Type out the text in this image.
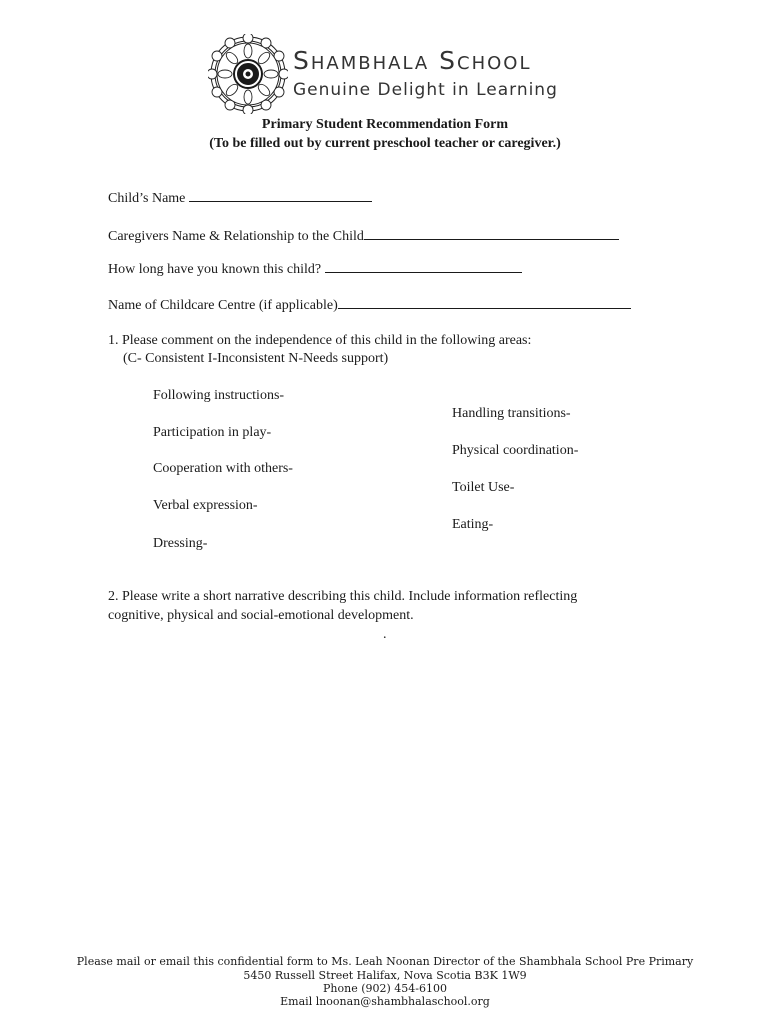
Shambhala School
Genuine Delight in Learning
Primary Student Recommendation Form
(To be filled out by current preschool teacher or caregiver.)
Child’s Name
Caregivers Name & Relationship to the Child
How long have you known this child?
Name of Childcare Centre (if applicable)
1. Please comment on the independence of this child in the following areas:
(C- Consistent I-Inconsistent N-Needs support)
Following instructions-
Handling transitions-
Participation in play-
Physical coordination-
Cooperation with others-
Toilet Use-
Verbal expression-
Eating-
Dressing-
2. Please write a short narrative describing this child. Include information reflecting
cognitive, physical and social-emotional development.
.
Please mail or email this confidential form to Ms. Leah Noonan Director of the Shambhala School Pre Primary
5450 Russell Street Halifax, Nova Scotia B3K 1W9
Phone (902) 454-6100
Email lnoonan@shambhalaschool.org
